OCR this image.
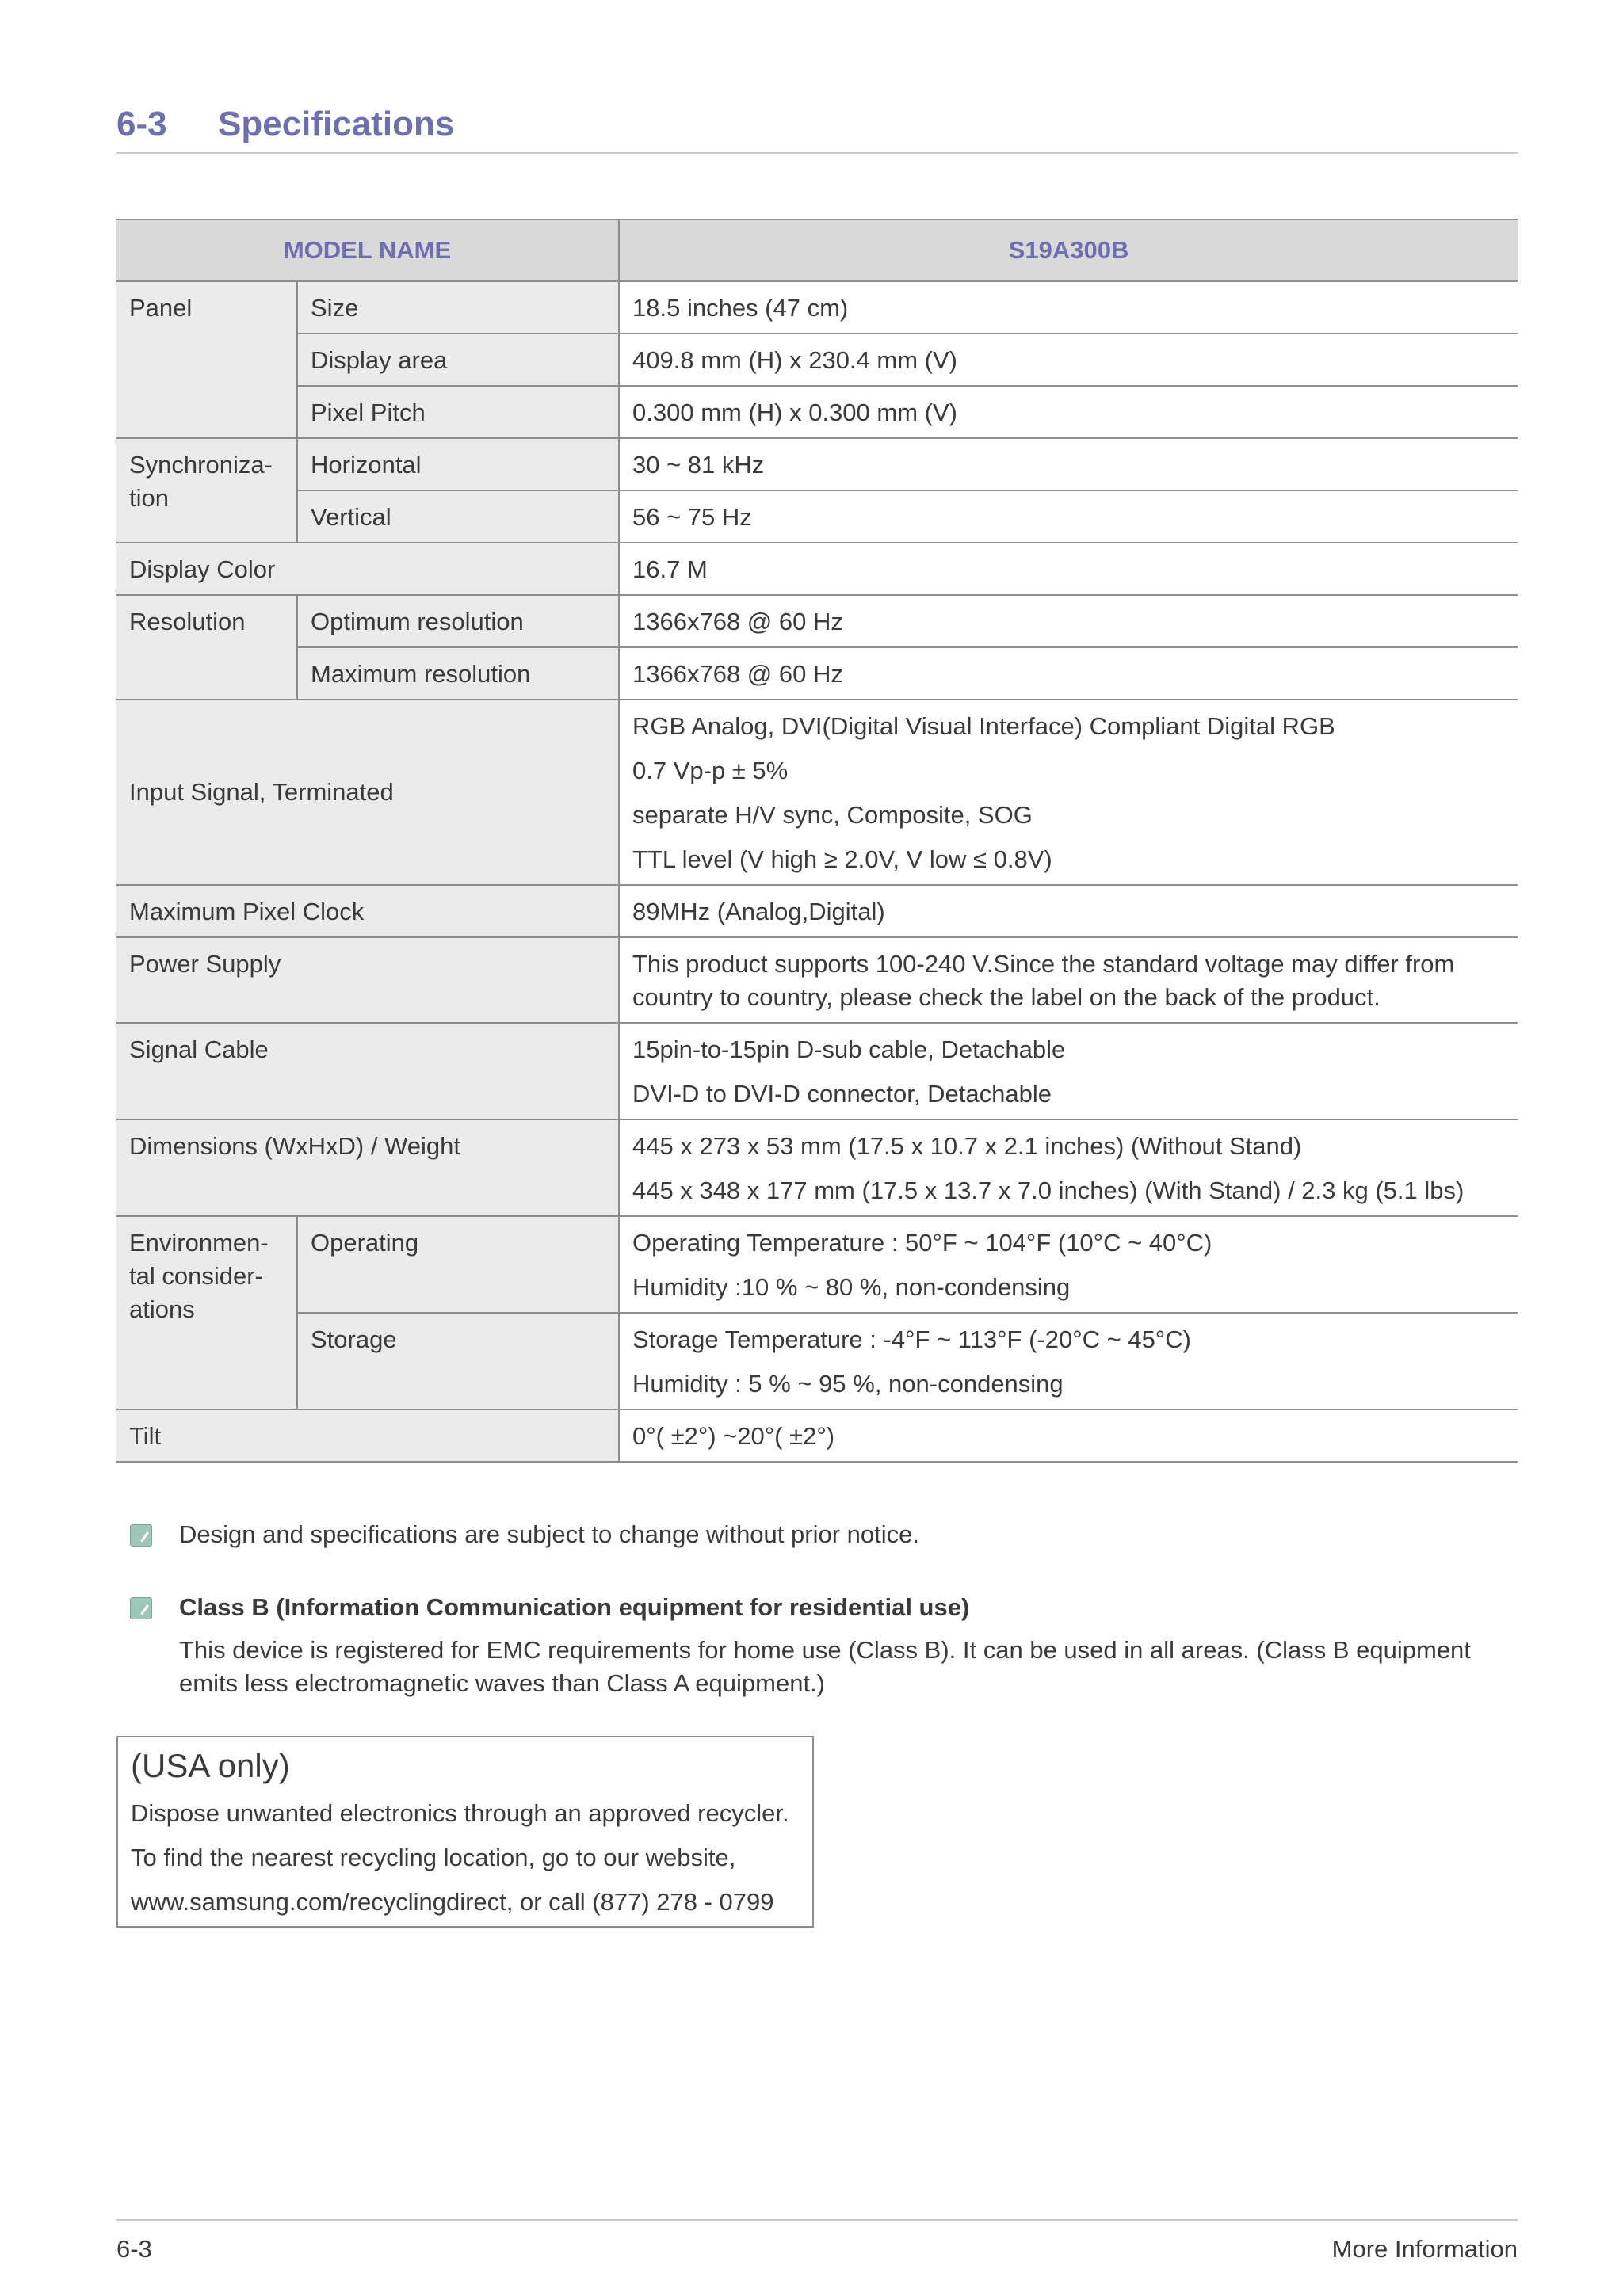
6-3 Specifications
MODEL NAME		S19A300B

Panel	Size	18.5 inches (47 cm)

	Display area	409.8 mm (H) x 230.4 mm (V)

	Pixel Pitch	0.300 mm (H) x 0.300 mm (V)

Synchroniza-
tion	Horizontal	30 ~ 81 kHz

	Vertical	56 ~ 75 Hz

Display Color		16.7 M

Resolution	Optimum resolution	1366x768 @ 60 Hz

	Maximum resolution	1366x768 @ 60 Hz

Input Signal, Terminated		RGB Analog, DVI(Digital Visual Interface) Compliant Digital RGB
0.7 Vp-p ± 5%
separate H/V sync, Composite, SOG
TTL level (V high ≥ 2.0V, V low ≤ 0.8V)

Maximum Pixel Clock		89MHz (Analog,Digital)

Power Supply		This product supports 100-240 V.Since the standard voltage may differ from
country to country, please check the label on the back of the product.

Signal Cable		15pin-to-15pin D-sub cable, Detachable
DVI-D to DVI-D connector, Detachable

Dimensions (WxHxD) / Weight		445 x 273 x 53 mm (17.5 x 10.7 x 2.1 inches) (Without Stand)
445 x 348 x 177 mm (17.5 x 13.7 x 7.0 inches) (With Stand) / 2.3 kg (5.1 lbs)

Environmen-
tal consider-
ations	Operating	Operating Temperature : 50°F ~ 104°F (10°C ~ 40°C)
Humidity :10 % ~ 80 %, non-condensing

	Storage	Storage Temperature : -4°F ~ 113°F (-20°C ~ 45°C)
Humidity : 5 % ~ 95 %, non-condensing

Tilt		0°( ±2°) ~20°( ±2°)
Design and specifications are subject to change without prior notice.
Class B (Information Communication equipment for residential use)
This device is registered for EMC requirements for home use (Class B). It can be used in all areas. (Class B equipment
emits less electromagnetic waves than Class A equipment.)
(USA only)
Dispose unwanted electronics through an approved recycler.
To find the nearest recycling location, go to our website,
www.samsung.com/recyclingdirect, or call (877) 278 - 0799
6-3	More Information
